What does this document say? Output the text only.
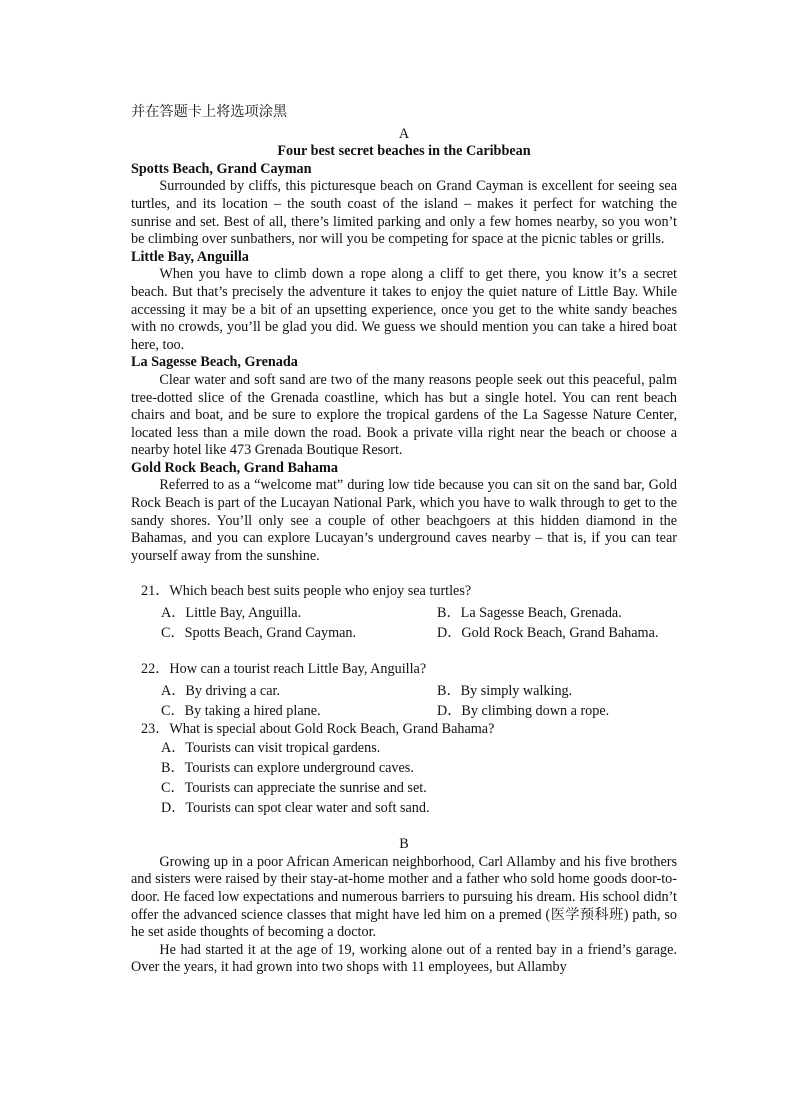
并在答题卡上将选项涂黑
A
Four best secret beaches in the Caribbean
Spotts Beach, Grand Cayman
Surrounded by cliffs, this picturesque beach on Grand Cayman is excellent for seeing sea turtles, and its location – the south coast of the island – makes it perfect for watching the sunrise and set. Best of all, there’s limited parking and only a few homes nearby, so you won’t be climbing over sunbathers, nor will you be competing for space at the picnic tables or grills.
Little Bay, Anguilla
When you have to climb down a rope along a cliff to get there, you know it’s a secret beach. But that’s precisely the adventure it takes to enjoy the quiet nature of Little Bay. While accessing it may be a bit of an upsetting experience, once you get to the white sandy beaches with no crowds, you’ll be glad you did. We guess we should mention you can take a hired boat here, too.
La Sagesse Beach, Grenada
Clear water and soft sand are two of the many reasons people seek out this peaceful, palm tree-dotted slice of the Grenada coastline, which has but a single hotel. You can rent beach chairs and boat, and be sure to explore the tropical gardens of the La Sagesse Nature Center, located less than a mile down the road. Book a private villa right near the beach or choose a nearby hotel like 473 Grenada Boutique Resort.
Gold Rock Beach, Grand Bahama
Referred to as a “welcome mat” during low tide because you can sit on the sand bar, Gold Rock Beach is part of the Lucayan National Park, which you have to walk through to get to the sandy shores. You’ll only see a couple of other beachgoers at this hidden diamond in the Bahamas, and you can explore Lucayan’s underground caves nearby – that is, if you can tear yourself away from the sunshine.
21．Which beach best suits people who enjoy sea turtles?
A．Little Bay, Anguilla.	B．La Sagesse Beach, Grenada.
C．Spotts Beach, Grand Cayman.	D．Gold Rock Beach, Grand Bahama.
22．How can a tourist reach Little Bay, Anguilla?
A．By driving a car.	B．By simply walking.
C．By taking a hired plane.	D．By climbing down a rope.
23．What is special about Gold Rock Beach, Grand Bahama?
A．Tourists can visit tropical gardens.
B．Tourists can explore underground caves.
C．Tourists can appreciate the sunrise and set.
D．Tourists can spot clear water and soft sand.
B
Growing up in a poor African American neighborhood, Carl Allamby and his five brothers and sisters were raised by their stay-at-home mother and a father who sold home goods door-to-door. He faced low expectations and numerous barriers to pursuing his dream. His school didn’t offer the advanced science classes that might have led him on a premed (医学预科班) path, so he set aside thoughts of becoming a doctor.
He had started it at the age of 19, working alone out of a rented bay in a friend’s garage. Over the years, it had grown into two shops with 11 employees, but Allamby
